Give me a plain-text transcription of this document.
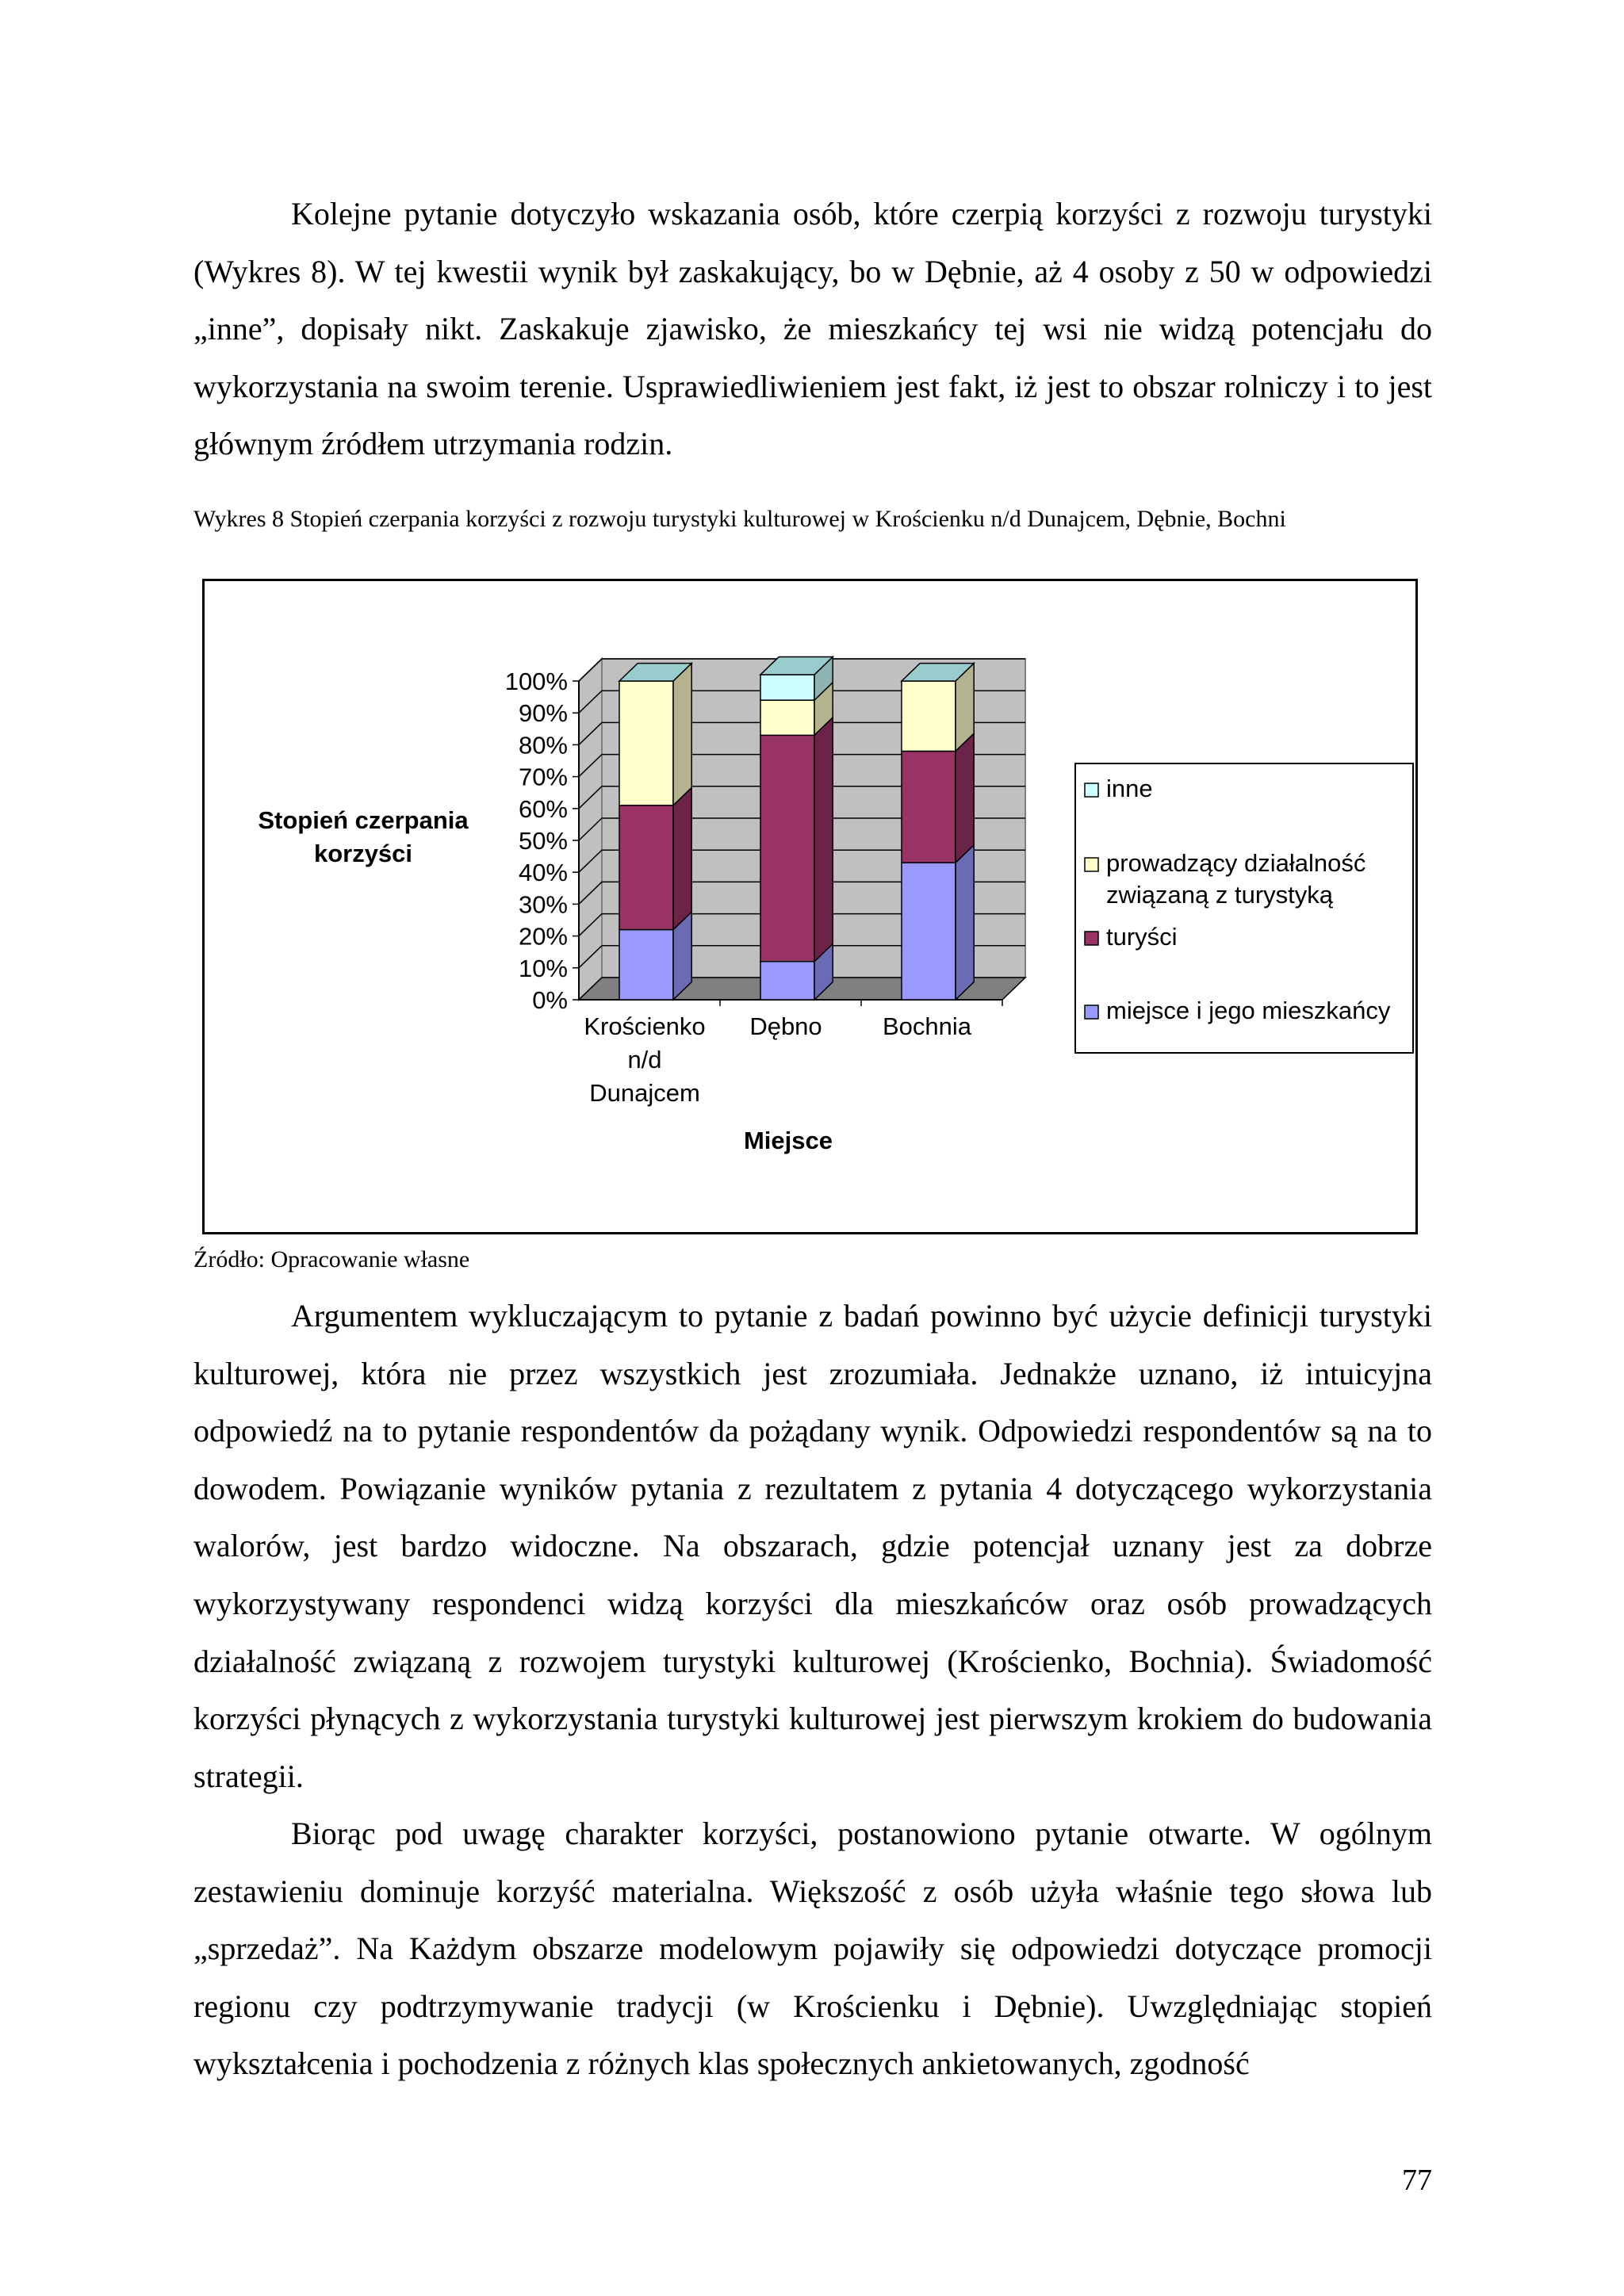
Kolejne pytanie dotyczyło wskazania osób, które czerpią korzyści z rozwoju turystyki (Wykres 8). W tej kwestii wynik był zaskakujący, bo w Dębnie, aż 4 osoby z 50 w odpowiedzi „inne”, dopisały nikt. Zaskakuje zjawisko, że mieszkańcy tej wsi nie widzą potencjału do wykorzystania na swoim terenie. Usprawiedliwieniem jest fakt, iż jest to obszar rolniczy i to jest głównym źródłem utrzymania rodzin.

Wykres 8 Stopień czerpania korzyści z rozwoju turystyki kulturowej w Krościenku n/d Dunajcem, Dębnie, Bochni

0%
10%
20%
30%
40%
50%
60%
70%
80%
90%
100%
Krościenko
n/d
Dunajcem
Dębno Bochnia
Stopień czerpania
korzyści
Miejsce
inne
prowadzący działalność
związaną z turystyką
turyści
miejsce i jego mieszkańcy

Źródło: Opracowanie własne

Argumentem wykluczającym to pytanie z badań powinno być użycie definicji turystyki kulturowej, która nie przez wszystkich jest zrozumiała. Jednakże uznano, iż intuicyjna odpowiedź na to pytanie respondentów da pożądany wynik. Odpowiedzi respondentów są na to dowodem. Powiązanie wyników pytania z rezultatem z pytania 4 dotyczącego wykorzystania walorów, jest bardzo widoczne. Na obszarach, gdzie potencjał uznany jest za dobrze wykorzystywany respondenci widzą korzyści dla mieszkańców oraz osób prowadzących działalność związaną z rozwojem turystyki kulturowej (Krościenko, Bochnia). Świadomość korzyści płynących z wykorzystania turystyki kulturowej jest pierwszym krokiem do budowania strategii.

Biorąc pod uwagę charakter korzyści, postanowiono pytanie otwarte. W ogólnym zestawieniu dominuje korzyść materialna. Większość z osób użyła właśnie tego słowa lub „sprzedaż”. Na Każdym obszarze modelowym pojawiły się odpowiedzi dotyczące promocji regionu czy podtrzymywanie tradycji (w Krościenku i Dębnie). Uwzględniając stopień wykształcenia i pochodzenia z różnych klas społecznych ankietowanych, zgodność

77
